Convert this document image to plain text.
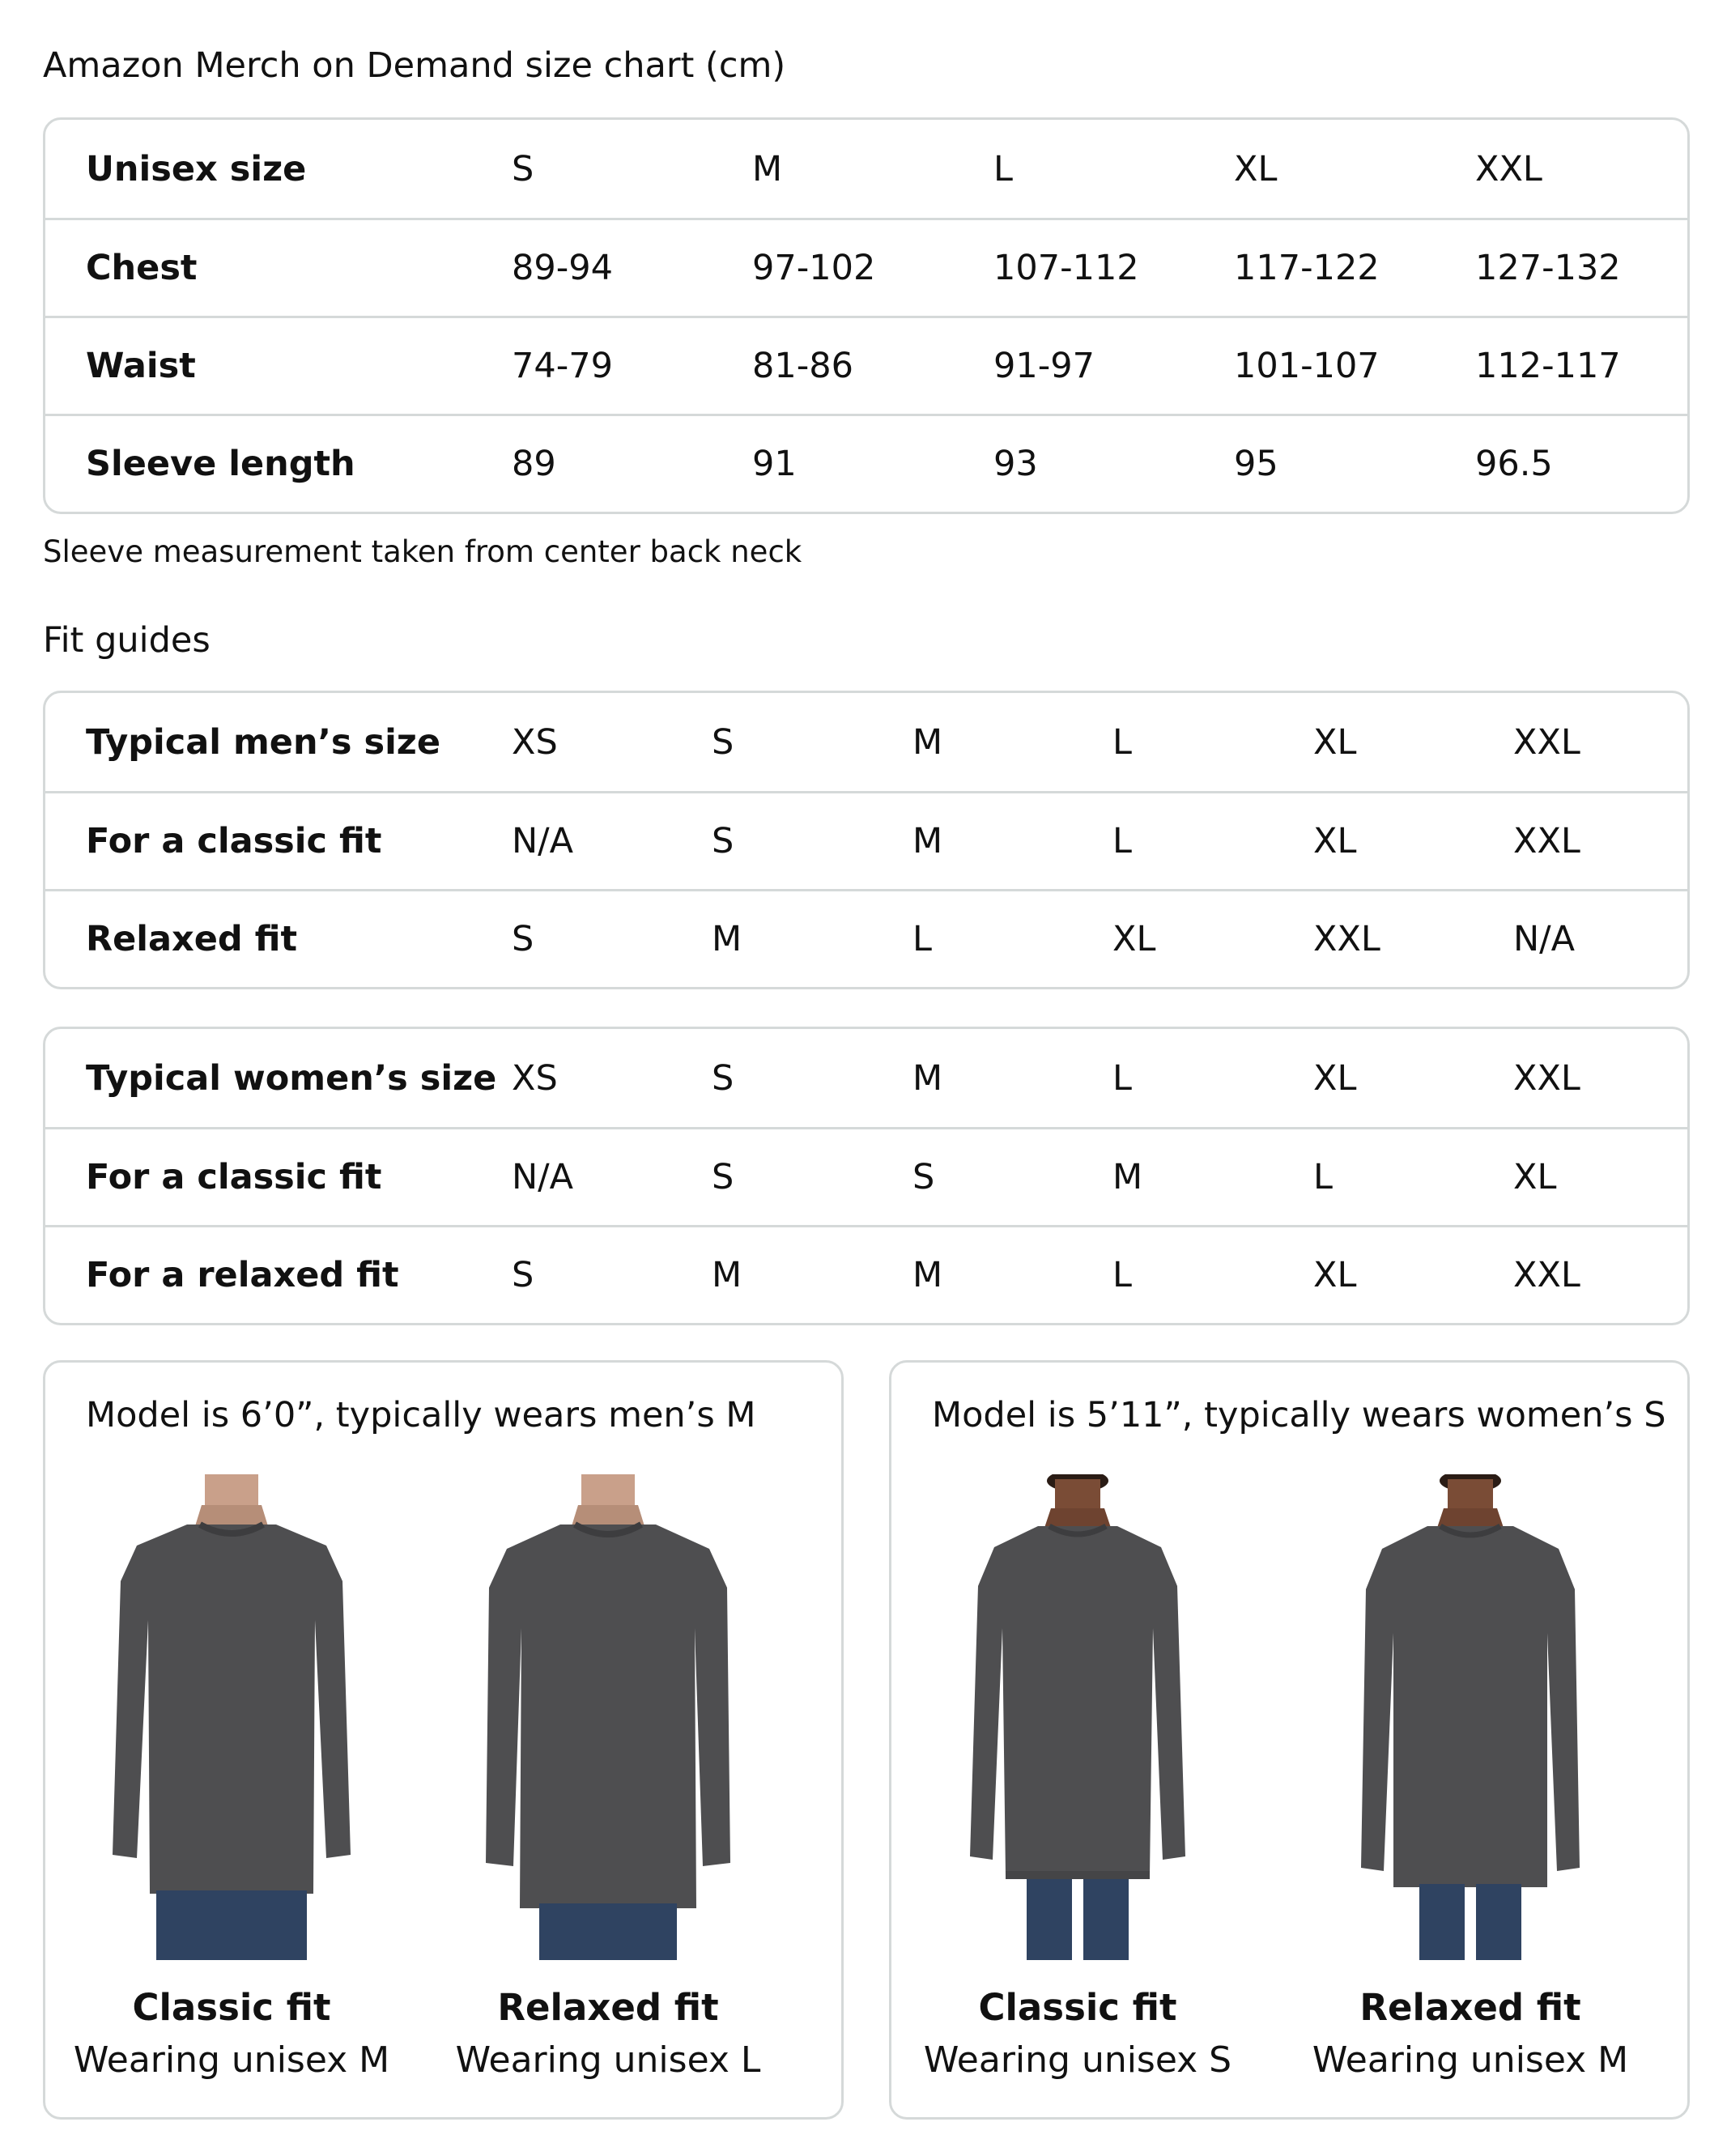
Amazon Merch on Demand size chart (cm)
Unisex size	S	M	L	XL	XXL
Chest	89-94	97-102	107-112	117-122	127-132
Waist	74-79	81-86	91-97	101-107	112-117
Sleeve length	89	91	93	95	96.5
Sleeve measurement taken from center back neck
Fit guides
Typical men’s size XS	S	M	L	XL	XXL
For a classic fit	N/A	S	M	L	XL	XXL
Relaxed fit	S	M	L	XL	XXL	N/A
Typical women’s size XS	S	M	L	XL	XXL
For a classic fit	N/A	S	S	M	L	XL
For a relaxed fit	S	M	M	L	XL	XXL
Model is 6’0”, typically wears men’s M
Classic fit
Wearing unisex M
Relaxed fit
Wearing unisex L
Model is 5’11”, typically wears women’s S
Classic fit
Wearing unisex S
Relaxed fit
Wearing unisex M
